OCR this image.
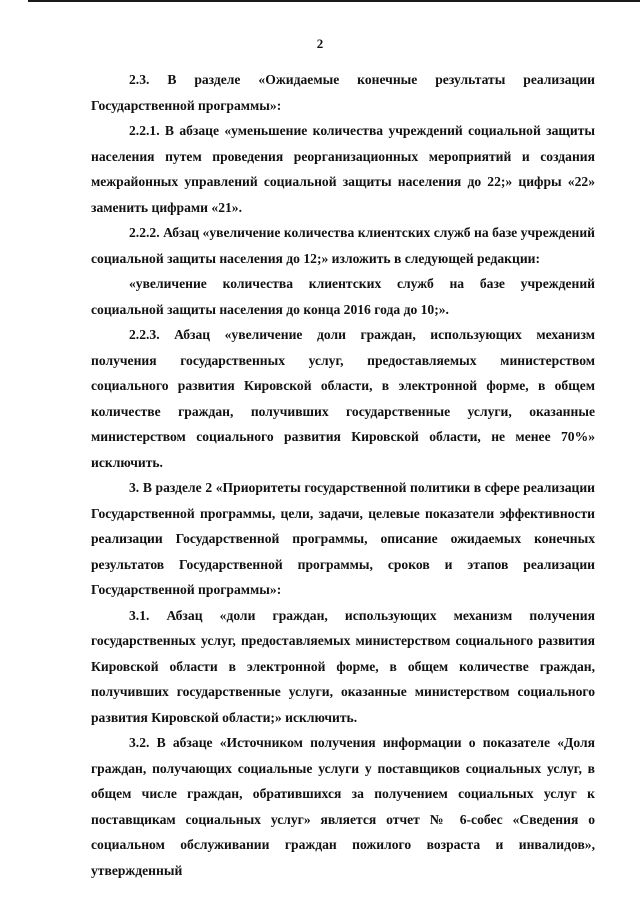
2

2.3. В разделе «Ожидаемые конечные результаты реализации Государственной программы»:

2.2.1. В абзаце «уменьшение количества учреждений социальной защиты населения путем проведения реорганизационных мероприятий и создания межрайонных управлений социальной защиты населения до 22;» цифры «22» заменить цифрами «21».

2.2.2. Абзац «увеличение количества клиентских служб на базе учреждений социальной защиты населения до 12;» изложить в следующей редакции:

«увеличение количества клиентских служб на базе учреждений социальной защиты населения до конца 2016 года до 10;».

2.2.3. Абзац «увеличение доли граждан, использующих механизм получения государственных услуг, предоставляемых министерством социального развития Кировской области, в электронной форме, в общем количестве граждан, получивших государственные услуги, оказанные министерством социального развития Кировской области, не менее 70%» исключить.

3. В разделе 2 «Приоритеты государственной политики в сфере реализации Государственной программы, цели, задачи, целевые показатели эффективности реализации Государственной программы, описание ожидаемых конечных результатов Государственной программы, сроков и этапов реализации Государственной программы»:

3.1. Абзац «доли граждан, использующих механизм получения государственных услуг, предоставляемых министерством социального развития Кировской области в электронной форме, в общем количестве граждан, получивших государственные услуги, оказанные министерством социального развития Кировской области;» исключить.

3.2. В абзаце «Источником получения информации о показателе «Доля граждан, получающих социальные услуги у поставщиков социальных услуг, в общем числе граждан, обратившихся за получением социальных услуг к поставщикам социальных услуг» является отчет № 6-собес «Сведения о социальном обслуживании граждан пожилого возраста и инвалидов», утвержденный
